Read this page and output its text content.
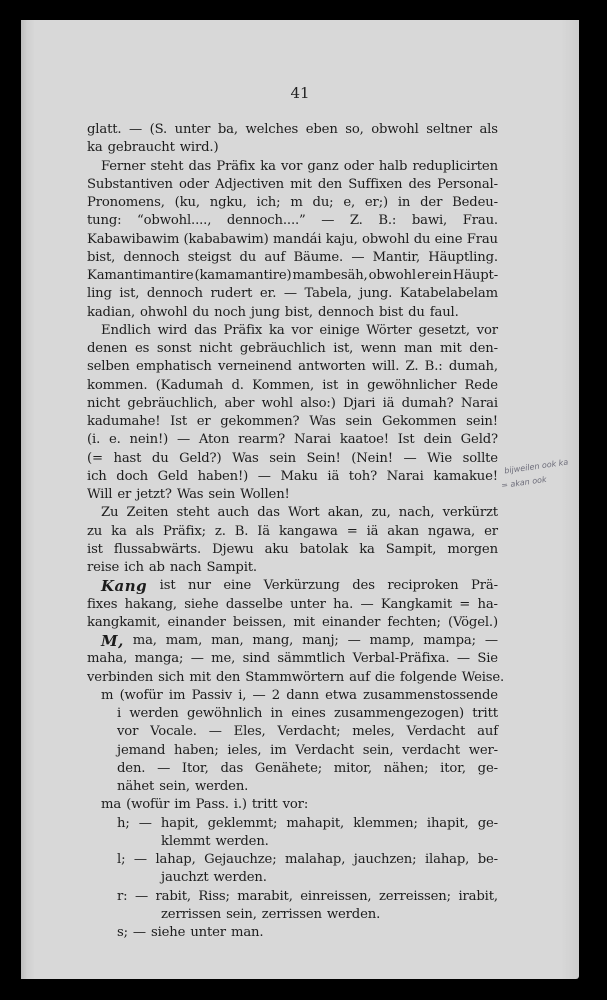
41
glatt. — (S. unter ba, welches eben so, obwohl seltner als
ka gebraucht wird.)
Ferner steht das Präfix ka vor ganz oder halb reduplicirten
Substantiven oder Adjectiven mit den Suffixen des Personal-
Pronomens, (ku, ngku, ich; m du; e, er;) in der Bedeu-
tung: “obwohl...., dennoch....” — Z. B.: bawi, Frau.
Kabawibawim (kababawim) mandái kaju, obwohl du eine Frau
bist, dennoch steigst du auf Bäume. — Mantir, Häuptling.
Kamantimantire (kamamantire) mambesäh, obwohl er ein Häupt-
ling ist, dennoch rudert er. — Tabela, jung. Katabelabelam
kadian, ohwohl du noch jung bist, dennoch bist du faul.
Endlich wird das Präfix ka vor einige Wörter gesetzt, vor
denen es sonst nicht gebräuchlich ist, wenn man mit den-
selben emphatisch verneinend antworten will. Z. B.: dumah,
kommen. (Kadumah d. Kommen, ist in gewöhnlicher Rede
nicht gebräuchlich, aber wohl also:) Djari iä dumah? Narai
kadumahe! Ist er gekommen? Was sein Gekommen sein!
(i. e. nein!) — Aton rearm? Narai kaatoe! Ist dein Geld?
(= hast du Geld?) Was sein Sein! (Nein! — Wie sollte
ich doch Geld haben!) — Maku iä toh? Narai kamakue!
Will er jetzt? Was sein Wollen!
Zu Zeiten steht auch das Wort akan, zu, nach, verkürzt
zu ka als Präfix; z. B. Iä kangawa = iä akan ngawa, er
ist flussabwärts. Djewu aku batolak ka Sampit, morgen
reise ich ab nach Sampit.
Kang ist nur eine Verkürzung des reciproken Prä-
fixes hakang, siehe dasselbe unter ha. — Kangkamit = ha-
kangkamit, einander beissen, mit einander fechten; (Vögel.)
M, ma, mam, man, mang, manj; — mamp, mampa; —
maha, manga; — me, sind sämmtlich Verbal-Präfixa. — Sie
verbinden sich mit den Stammwörtern auf die folgende Weise.
m (wofür im Passiv i, — 2 dann etwa zusammenstossende
i werden gewöhnlich in eines zusammengezogen) tritt
vor Vocale. — Eles, Verdacht; meles, Verdacht auf
jemand haben; ieles, im Verdacht sein, verdacht wer-
den. — Itor, das Genähete; mitor, nähen; itor, ge-
nähet sein, werden.
ma (wofür im Pass. i.) tritt vor:
h; — hapit, geklemmt; mahapit, klemmen; ihapit, ge-
klemmt werden.
l; — lahap, Gejauchze; malahap, jauchzen; ilahap, be-
jauchzt werden.
r: — rabit, Riss; marabit, einreissen, zerreissen; irabit,
zerrissen sein, zerrissen werden.
s; — siehe unter man.
bijweilen ook ka
= akan ook
